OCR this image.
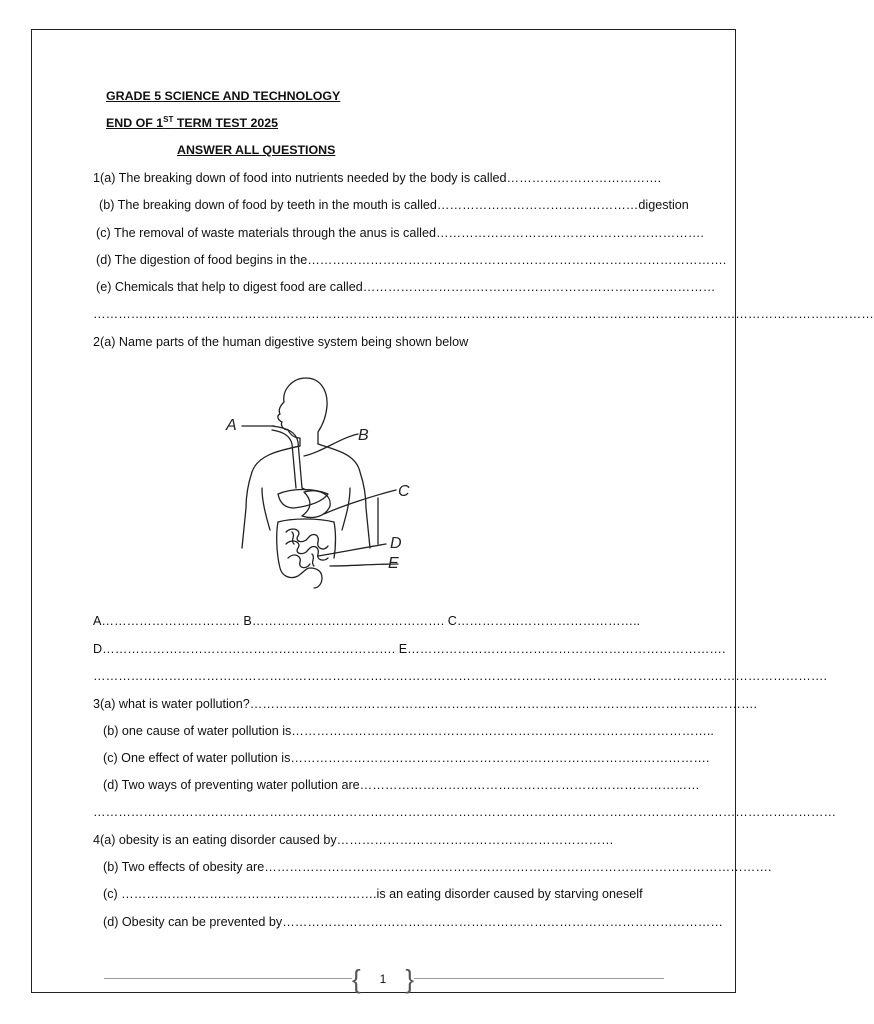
GRADE 5 SCIENCE AND TECHNOLOGY
END OF 1ST TERM TEST 2025
ANSWER ALL QUESTIONS
1(a) The breaking down of food into nutrients needed by the body is called……………………………….
(b) The breaking down of food by teeth in the mouth is called…………………………………………digestion
(c) The removal of waste materials through the anus is called……………………………………………………….
(d) The digestion of food begins in the……………………………………………………………………………………….
(e) Chemicals that help to digest food are called…………………………………………………………………………
……………………………………………………………………………………………………………………………………………………………………
2(a) Name parts of the human digestive system being shown below
A
B
C
D
E
A…………………………… B………………………………………. C……………………………………..
D……………………………………………………………. E………………………………………………………………….
………………………………………………………………………………………………………………………………………………………….
3(a) what is water pollution?………………………………………………………………………………………………………….
(b) one cause of water pollution is………………………………………………………………………………………..
(c) One effect of water pollution is……………………………………………………………………………………….
(d) Two ways of preventing water pollution are………………………………………………………………………
……………………………………………………………………………………………………………………………………………………………
4(a) obesity is an eating disorder caused by…………………………………………………………
(b) Two effects of obesity are………………………………………………………………………………………………………….
(c) …………………………………………………….is an eating disorder caused by starving oneself
(d) Obesity can be prevented by……………………………………………………………………………………………
{ 1 }
